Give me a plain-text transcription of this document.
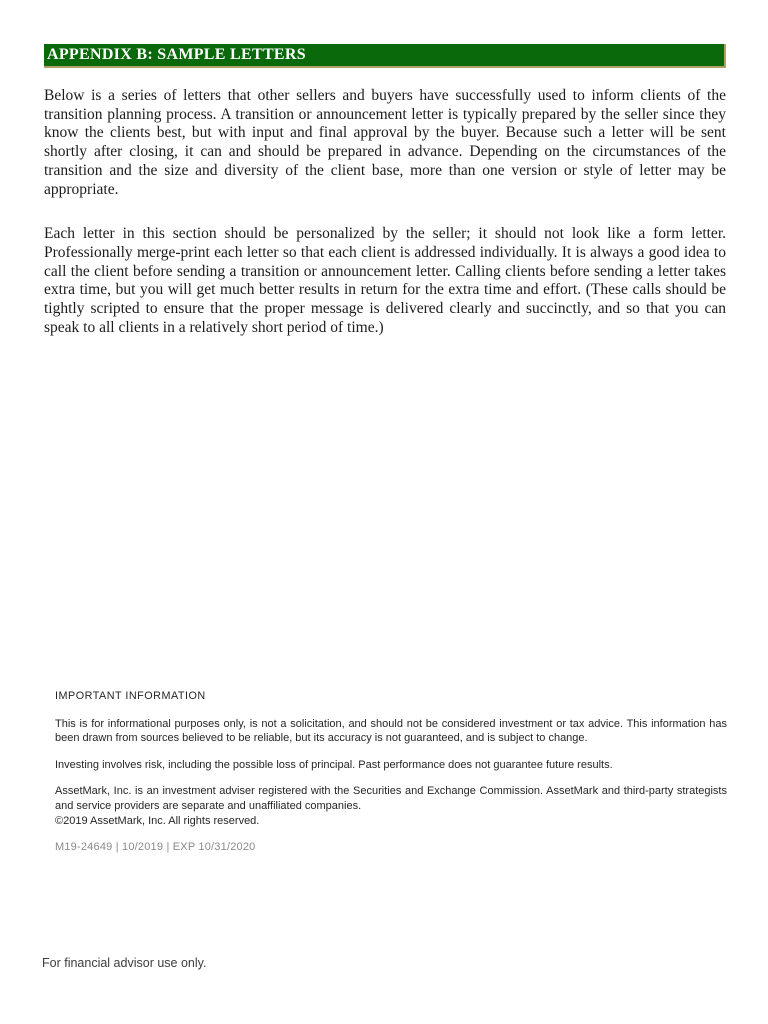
APPENDIX B: SAMPLE LETTERS

Below is a series of letters that other sellers and buyers have successfully used to inform clients of the transition planning process. A transition or announcement letter is typically prepared by the seller since they know the clients best, but with input and final approval by the buyer. Because such a letter will be sent shortly after closing, it can and should be prepared in advance. Depending on the circumstances of the transition and the size and diversity of the client base, more than one version or style of letter may be appropriate.

Each letter in this section should be personalized by the seller; it should not look like a form letter. Professionally merge-print each letter so that each client is addressed individually. It is always a good idea to call the client before sending a transition or announcement letter. Calling clients before sending a letter takes extra time, but you will get much better results in return for the extra time and effort. (These calls should be tightly scripted to ensure that the proper message is delivered clearly and succinctly, and so that you can speak to all clients in a relatively short period of time.)

IMPORTANT INFORMATION

This is for informational purposes only, is not a solicitation, and should not be considered investment or tax advice. This information has been drawn from sources believed to be reliable, but its accuracy is not guaranteed, and is subject to change.

Investing involves risk, including the possible loss of principal. Past performance does not guarantee future results.

AssetMark, Inc. is an investment adviser registered with the Securities and Exchange Commission. AssetMark and third-party strategists and service providers are separate and unaffiliated companies.

©2019 AssetMark, Inc. All rights reserved.

M19-24649 | 10/2019 | EXP 10/31/2020

For financial advisor use only.
